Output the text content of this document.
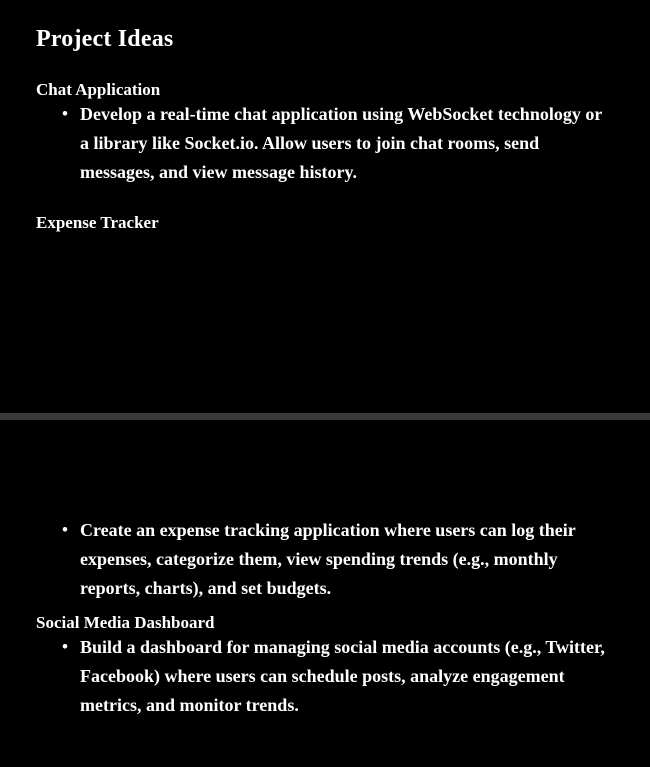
Project Ideas
Chat Application
• Develop a real-time chat application using WebSocket technology or a library like Socket.io. Allow users to join chat rooms, send messages, and view message history.
Expense Tracker
• Create an expense tracking application where users can log their expenses, categorize them, view spending trends (e.g., monthly reports, charts), and set budgets.
Social Media Dashboard
• Build a dashboard for managing social media accounts (e.g., Twitter, Facebook) where users can schedule posts, analyze engagement metrics, and monitor trends.
